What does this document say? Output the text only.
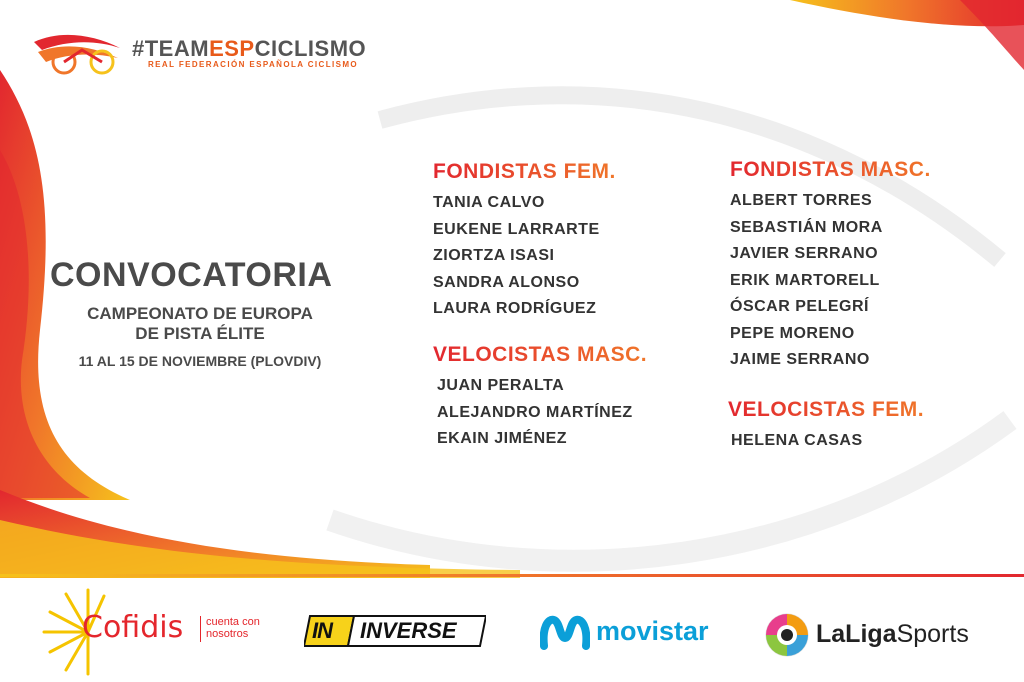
#TEAMESPCICLISMO
REAL FEDERACIÓN ESPAÑOLA CICLISMO
CONVOCATORIA
CAMPEONATO DE EUROPA
DE PISTA ÉLITE
11 AL 15 DE NOVIEMBRE (PLOVDIV)
FONDISTAS FEM.
TANIA CALVO
EUKENE LARRARTE
ZIORTZA ISASI
SANDRA ALONSO
LAURA RODRÍGUEZ
VELOCISTAS MASC.
JUAN PERALTA
ALEJANDRO MARTÍNEZ
EKAIN JIMÉNEZ
FONDISTAS MASC.
ALBERT TORRES
SEBASTIÁN MORA
JAVIER SERRANO
ERIK MARTORELL
ÓSCAR PELEGRÍ
PEPE MORENO
JAIME SERRANO
VELOCISTAS FEM.
HELENA CASAS
Cofidis cuenta con
nosotros	IN INVERSE	movistar	LaLigaSports
